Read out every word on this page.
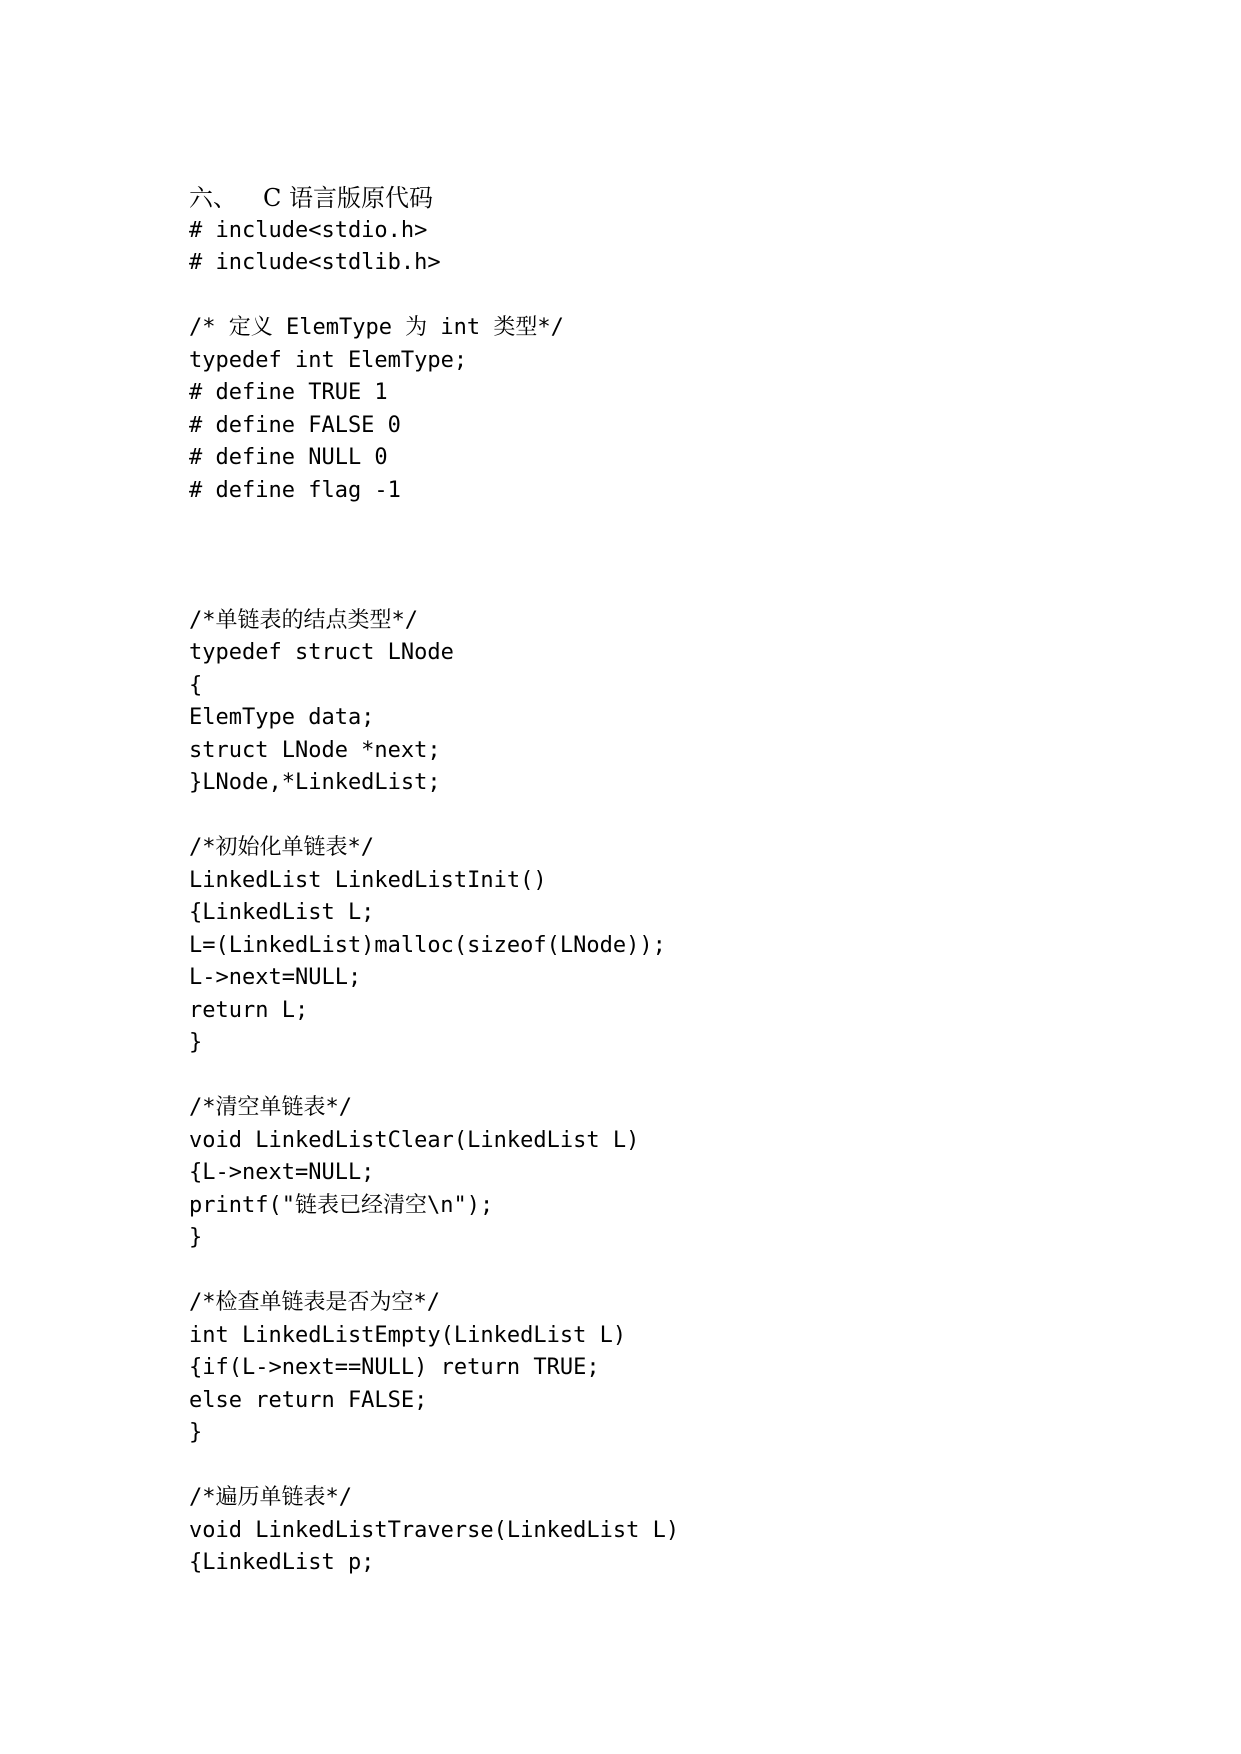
六、 C 语言版原代码
# include<stdio.h>
# include<stdlib.h>
/* 定义 ElemType 为 int 类型*/
typedef int ElemType;
# define TRUE 1
# define FALSE 0
# define NULL 0
# define flag -1
/*单链表的结点类型*/
typedef struct LNode
{
ElemType data;
struct LNode *next;
}LNode,*LinkedList;
/*初始化单链表*/
LinkedList LinkedListInit()
{LinkedList L;
L=(LinkedList)malloc(sizeof(LNode));
L->next=NULL;
return L;
}
/*清空单链表*/
void LinkedListClear(LinkedList L)
{L->next=NULL;
printf("链表已经清空\n");
}
/*检查单链表是否为空*/
int LinkedListEmpty(LinkedList L)
{if(L->next==NULL) return TRUE;
else return FALSE;
}
/*遍历单链表*/
void LinkedListTraverse(LinkedList L)
{LinkedList p;
